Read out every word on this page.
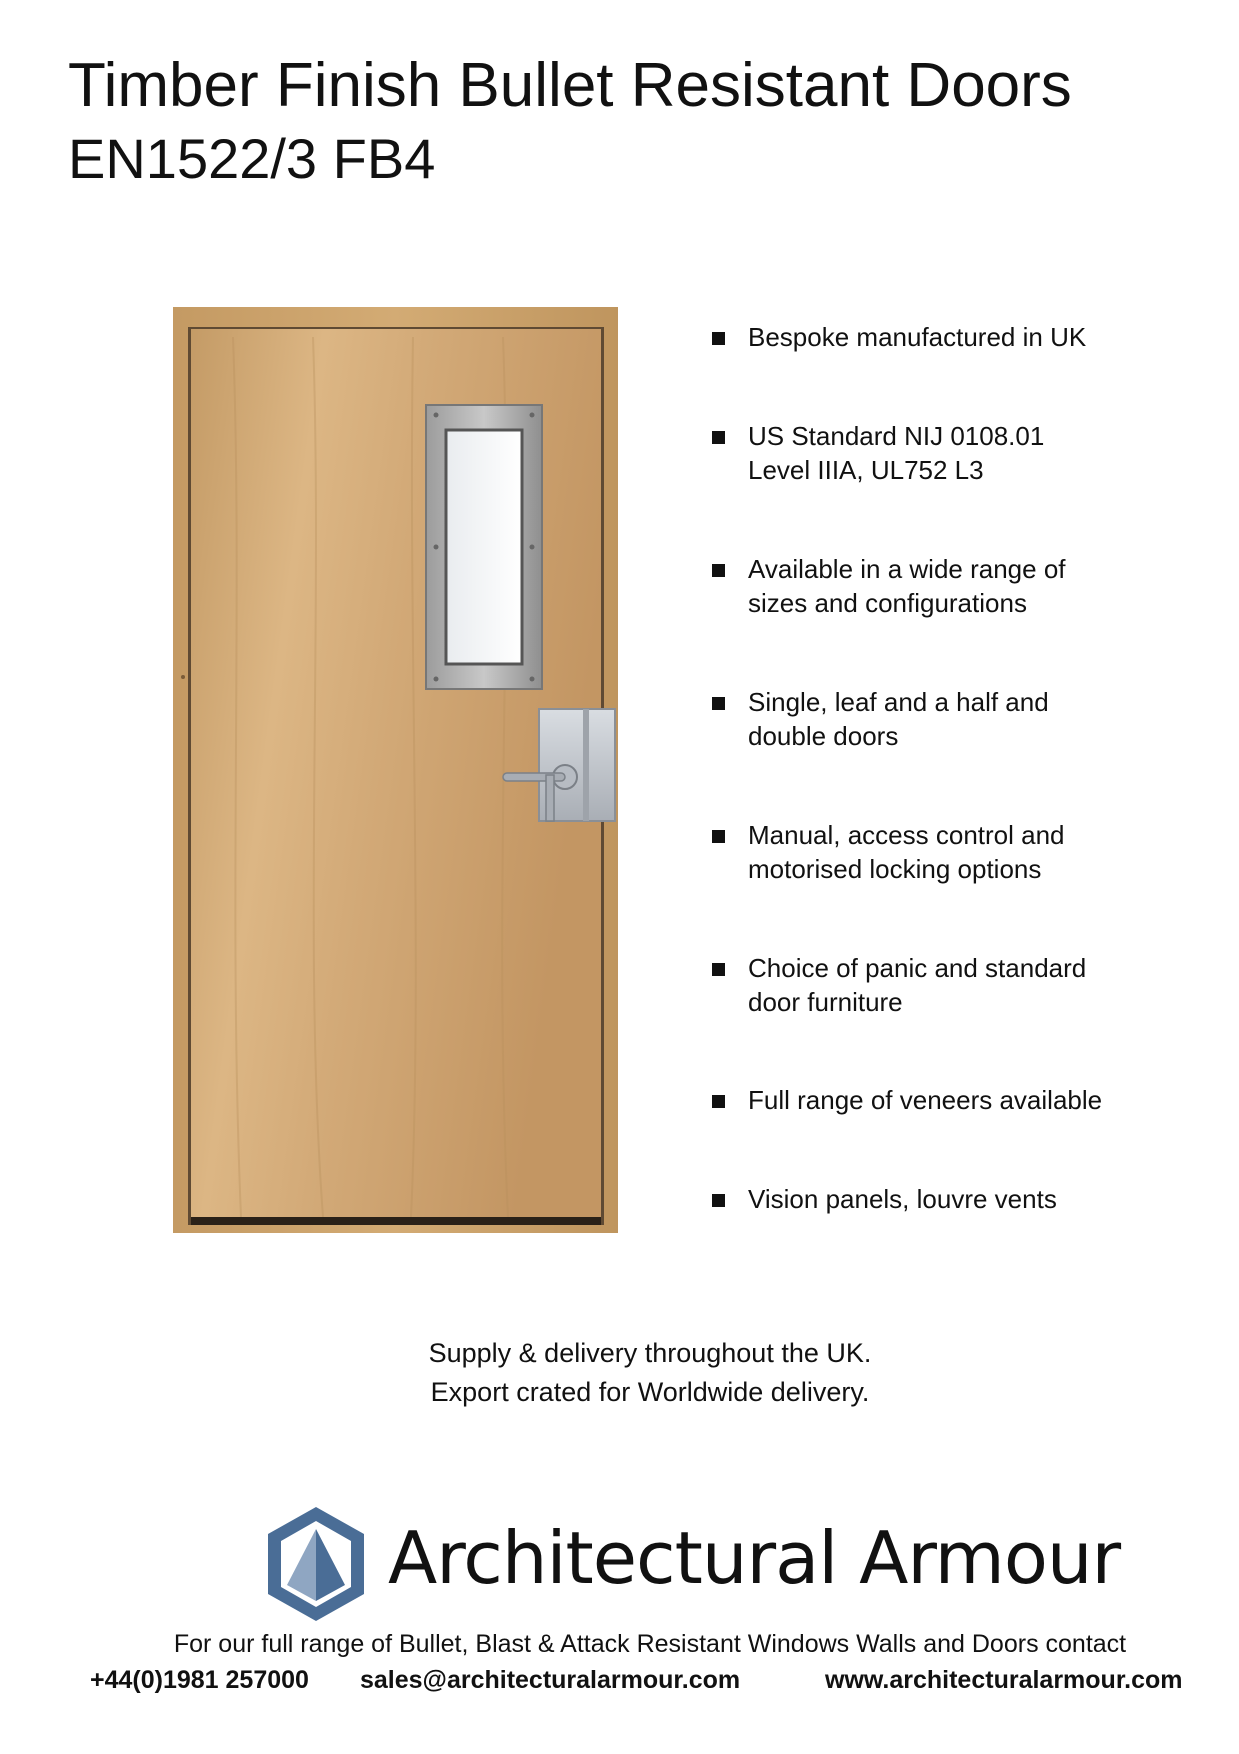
Timber Finish Bullet Resistant Doors
EN1522/3 FB4
Bespoke manufactured in UK
US Standard NIJ 0108.01
Level IIIA, UL752 L3
Available in a wide range of
sizes and configurations
Single, leaf and a half and
double doors
Manual, access control and
motorised locking options
Choice of panic and standard
door furniture
Full range of veneers available
Vision panels, louvre vents
Supply & delivery throughout the UK.
Export crated for Worldwide delivery.
Architectural Armour
For our full range of Bullet, Blast & Attack Resistant Windows Walls and Doors contact
+44(0)1981 257000 sales@architecturalarmour.com	www.architecturalarmour.com
